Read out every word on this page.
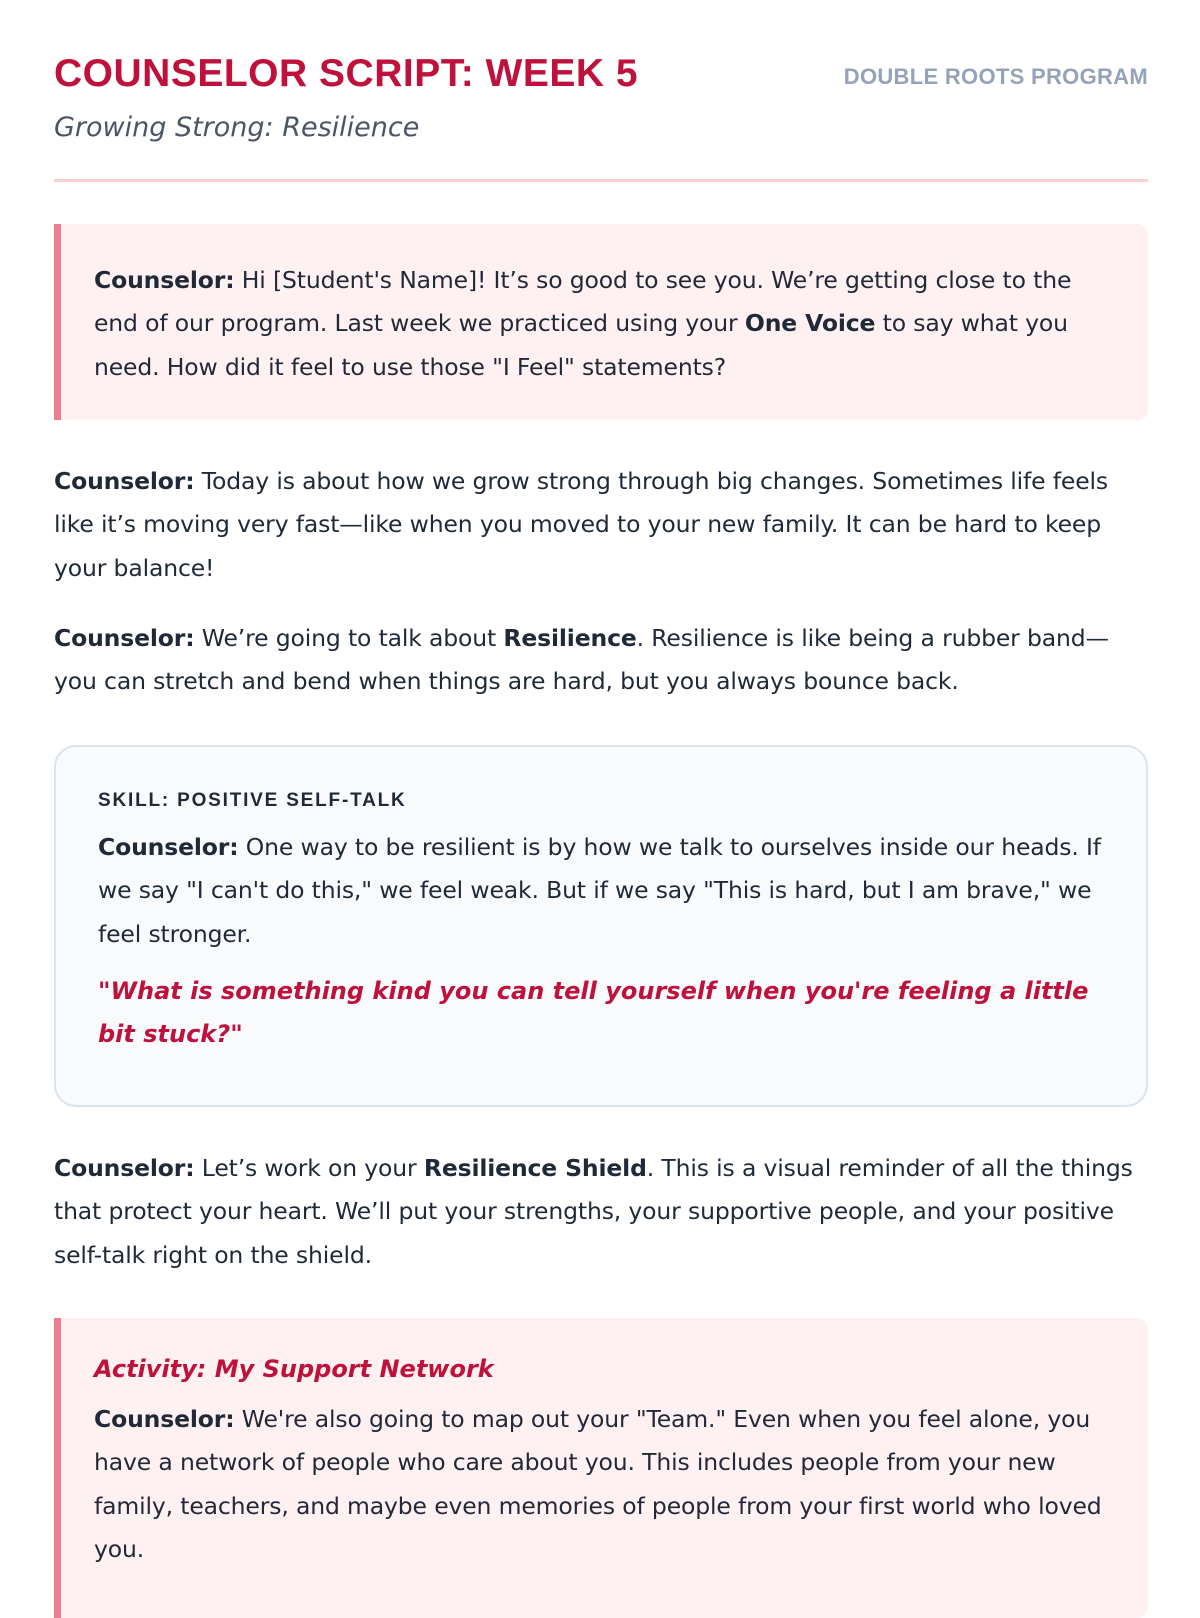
COUNSELOR SCRIPT: WEEK 5

Growing Strong: Resilience

DOUBLE ROOTS PROGRAM

Counselor: Hi [Student's Name]! It’s so good to see you. We’re getting close to the end of our program. Last week we practiced using your One Voice to say what you need. How did it feel to use those "I Feel" statements?

Counselor: Today is about how we grow strong through big changes. Sometimes life feels like it’s moving very fast—like when you moved to your new family. It can be hard to keep your balance!

Counselor: We’re going to talk about Resilience. Resilience is like being a rubber band—you can stretch and bend when things are hard, but you always bounce back.

SKILL: POSITIVE SELF-TALK

Counselor: One way to be resilient is by how we talk to ourselves inside our heads. If we say "I can't do this," we feel weak. But if we say "This is hard, but I am brave," we feel stronger.

"What is something kind you can tell yourself when you're feeling a little bit stuck?"

Counselor: Let’s work on your Resilience Shield. This is a visual reminder of all the things that protect your heart. We’ll put your strengths, your supportive people, and your positive self-talk right on the shield.

Activity: My Support Network

Counselor: We're also going to map out your "Team." Even when you feel alone, you have a network of people who care about you. This includes people from your new family, teachers, and maybe even memories of people from your first world who loved you.
